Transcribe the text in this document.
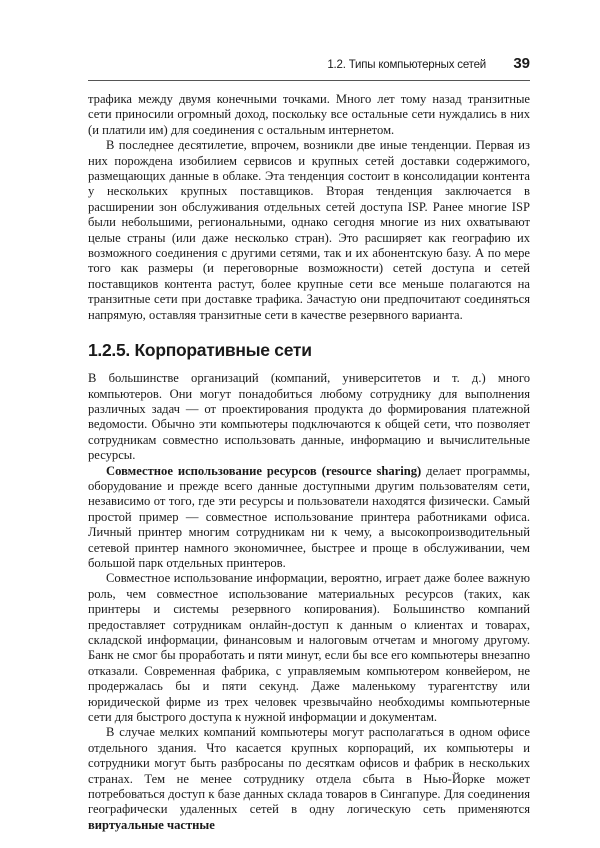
1.2. Типы компьютерных сетей 39

трафика между двумя конечными точками. Много лет тому назад транзитные сети приносили огромный доход, поскольку все остальные сети нуждались в них (и платили им) для соединения с остальным интернетом.

В последнее десятилетие, впрочем, возникли две иные тенденции. Первая из них порождена изобилием сервисов и крупных сетей доставки содержимого, размещающих данные в облаке. Эта тенденция состоит в консолидации контента у нескольких крупных поставщиков. Вторая тенденция заключается в расширении зон обслуживания отдельных сетей доступа ISP. Ранее многие ISP были небольшими, региональными, однако сегодня многие из них охватывают целые страны (или даже несколько стран). Это расширяет как географию их возможного соединения с другими сетями, так и их абонентскую базу. А по мере того как размеры (и переговорные возможности) сетей доступа и сетей поставщиков контента растут, более крупные сети все меньше полагаются на транзитные сети при доставке трафика. Зачастую они предпочитают соединяться напрямую, оставляя транзитные сети в качестве резервного варианта.

1.2.5. Корпоративные сети

В большинстве организаций (компаний, университетов и т. д.) много компьютеров. Они могут понадобиться любому сотруднику для выполнения различных задач — от проектирования продукта до формирования платежной ведомости. Обычно эти компьютеры подключаются к общей сети, что позволяет сотрудникам совместно использовать данные, информацию и вычислительные ресурсы.

Совместное использование ресурсов (resource sharing) делает программы, оборудование и прежде всего данные доступными другим пользователям сети, независимо от того, где эти ресурсы и пользователи находятся физически. Самый простой пример — совместное использование принтера работниками офиса. Личный принтер многим сотрудникам ни к чему, а высокопроизводительный сетевой принтер намного экономичнее, быстрее и проще в обслуживании, чем большой парк отдельных принтеров.

Совместное использование информации, вероятно, играет даже более важную роль, чем совместное использование материальных ресурсов (таких, как принтеры и системы резервного копирования). Большинство компаний предоставляет сотрудникам онлайн-доступ к данным о клиентах и товарах, складской информации, финансовым и налоговым отчетам и многому другому. Банк не смог бы проработать и пяти минут, если бы все его компьютеры внезапно отказали. Современная фабрика, с управляемым компьютером конвейером, не продержалась бы и пяти секунд. Даже маленькому турагентству или юридической фирме из трех человек чрезвычайно необходимы компьютерные сети для быстрого доступа к нужной информации и документам.

В случае мелких компаний компьютеры могут располагаться в одном офисе отдельного здания. Что касается крупных корпораций, их компьютеры и сотрудники могут быть разбросаны по десяткам офисов и фабрик в нескольких странах. Тем не менее сотруднику отдела сбыта в Нью-Йорке может потребоваться доступ к базе данных склада товаров в Сингапуре. Для соединения географически удаленных сетей в одну логическую сеть применяются виртуальные частные
